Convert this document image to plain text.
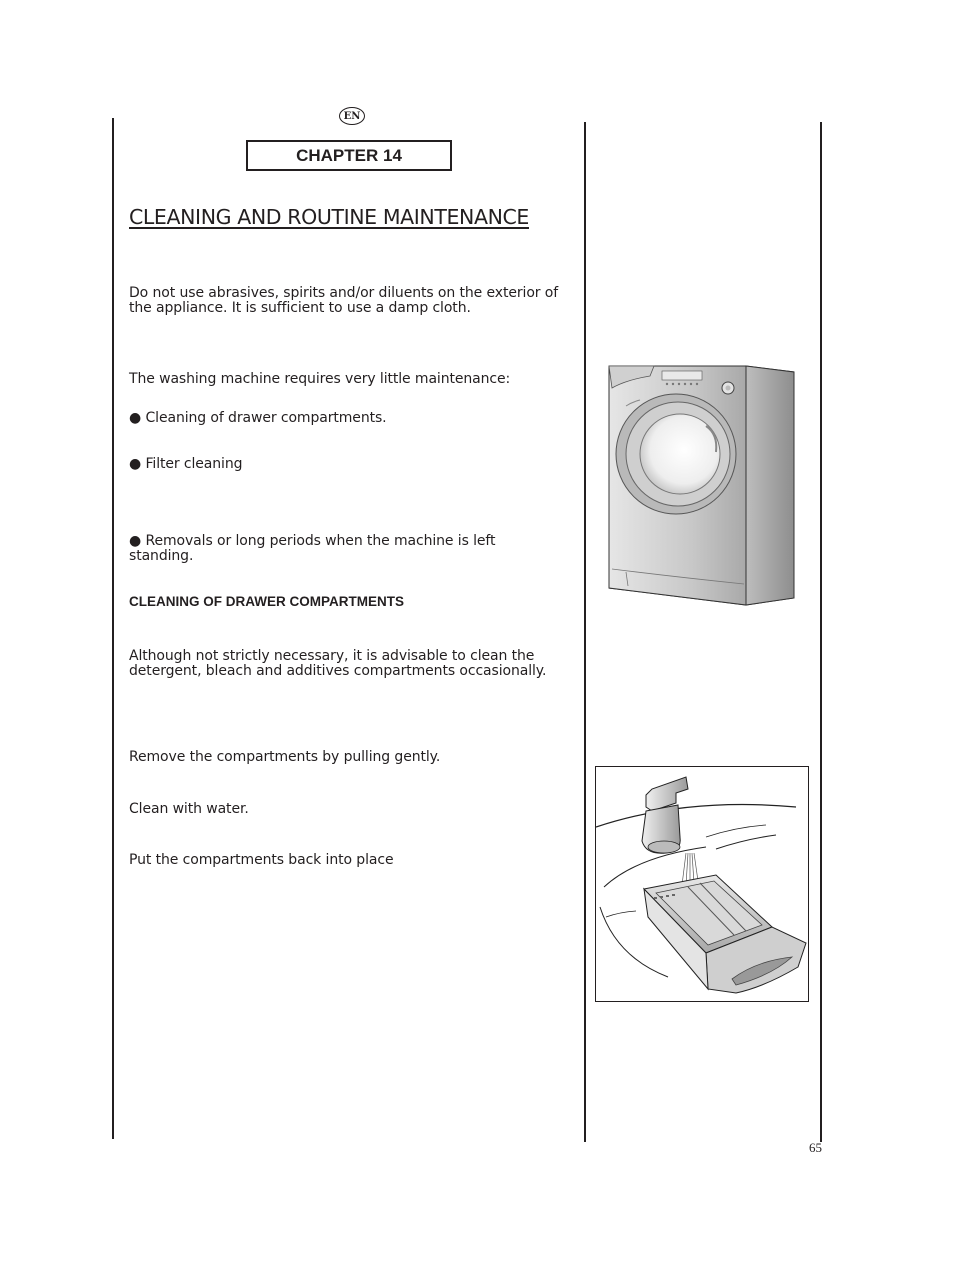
EN
CHAPTER 14
CLEANING AND ROUTINE MAINTENANCE
Do not use abrasives, spirits and/or diluents on the exterior of the appliance. It is sufficient to use a damp cloth.
The washing machine requires very little maintenance:
● Cleaning of drawer compartments.
● Filter cleaning
● Removals or long periods when the machine is left standing.
CLEANING OF DRAWER COMPARTMENTS
Although not strictly necessary, it is advisable to clean the detergent, bleach and additives compartments occasionally.
Remove the compartments by pulling gently.
Clean with water.
Put the compartments back into place
65
